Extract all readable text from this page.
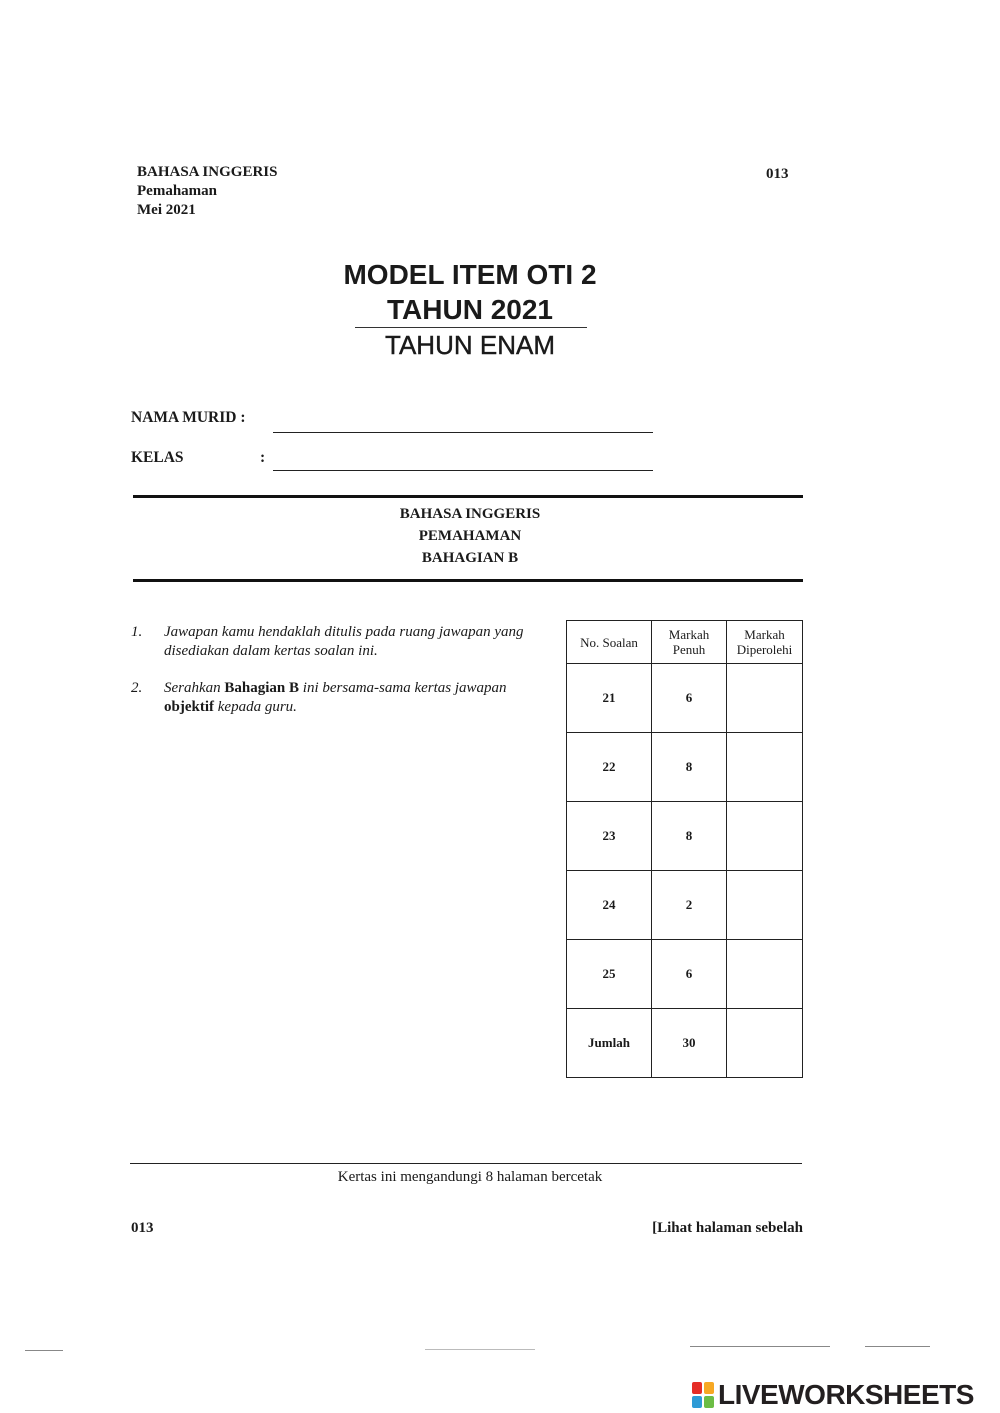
BAHASA INGGERIS
Pemahaman
Mei 2021
013
MODEL ITEM OTI 2
TAHUN 2021
TAHUN ENAM
NAMA MURID :
KELAS	:
BAHASA INGGERIS
PEMAHAMAN
BAHAGIAN B
1. Jawapan kamu hendaklah ditulis pada ruang jawapan yang disediakan dalam kertas soalan ini.
2. Serahkan Bahagian B ini bersama-sama kertas jawapan objektif kepada guru.
No. Soalan	Markah Penuh	Markah Diperolehi
21	6	
22	8	
23	8	
24	2	
25	6	
Jumlah	30	
Kertas ini mengandungi 8 halaman bercetak
013	[Lihat halaman sebelah
LIVEWORKSHEETS
